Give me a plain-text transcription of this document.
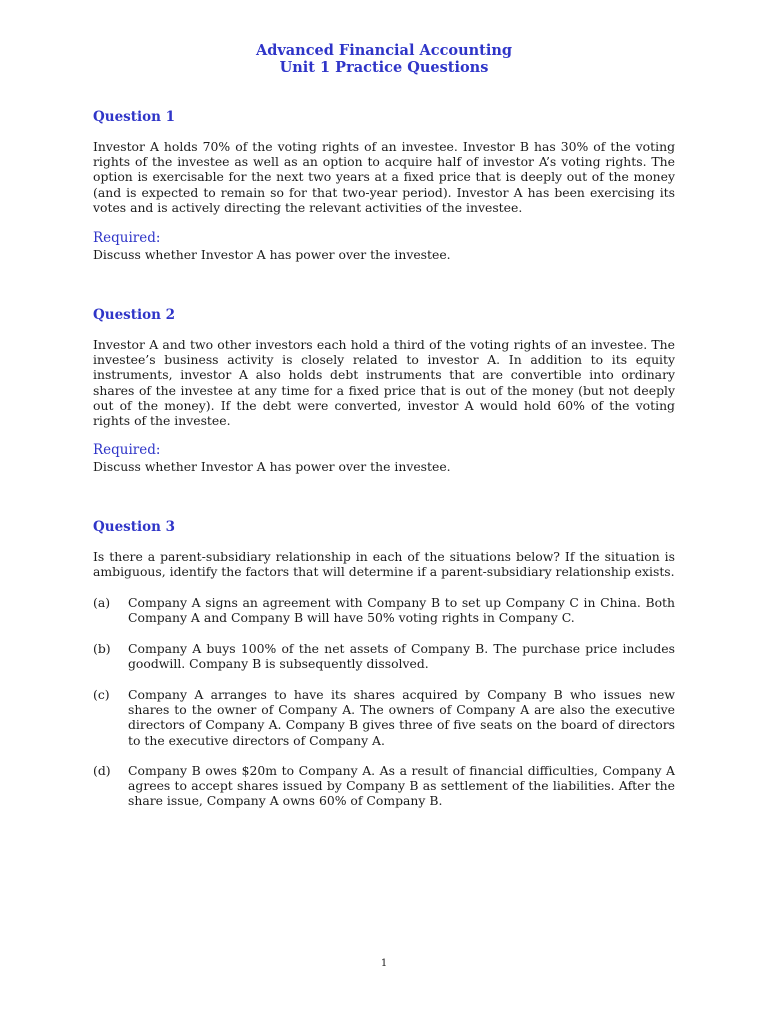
Advanced Financial Accounting
Unit 1 Practice Questions
Question 1
Investor A holds 70% of the voting rights of an investee. Investor B has 30% of the voting rights of the investee as well as an option to acquire half of investor A’s voting rights. The option is exercisable for the next two years at a fixed price that is deeply out of the money (and is expected to remain so for that two-year period). Investor A has been exercising its votes and is actively directing the relevant activities of the investee.
Required:
Discuss whether Investor A has power over the investee.
Question 2
Investor A and two other investors each hold a third of the voting rights of an investee. The investee’s business activity is closely related to investor A. In addition to its equity instruments, investor A also holds debt instruments that are convertible into ordinary shares of the investee at any time for a fixed price that is out of the money (but not deeply out of the money). If the debt were converted, investor A would hold 60% of the voting rights of the investee.
Required:
Discuss whether Investor A has power over the investee.
Question 3
Is there a parent-subsidiary relationship in each of the situations below? If the situation is ambiguous, identify the factors that will determine if a parent-subsidiary relationship exists.
(a)	Company A signs an agreement with Company B to set up Company C in China. Both Company A and Company B will have 50% voting rights in Company C.
(b)	Company A buys 100% of the net assets of Company B. The purchase price includes goodwill. Company B is subsequently dissolved.
(c)	Company A arranges to have its shares acquired by Company B who issues new shares to the owner of Company A. The owners of Company A are also the executive directors of Company A. Company B gives three of five seats on the board of directors to the executive directors of Company A.
(d)	Company B owes $20m to Company A. As a result of financial difficulties, Company A agrees to accept shares issued by Company B as settlement of the liabilities. After the share issue, Company A owns 60% of Company B.
1
